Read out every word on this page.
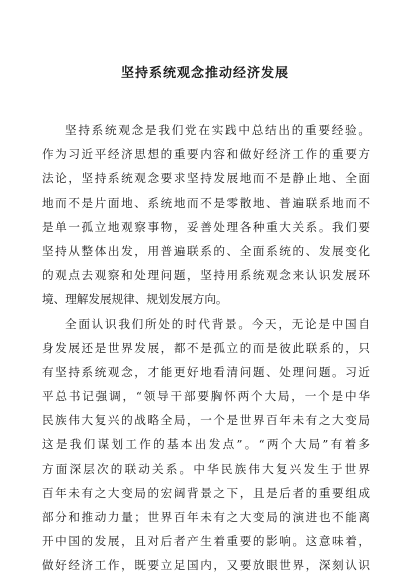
坚持系统观念推动经济发展
坚持系统观念是我们党在实践中总结出的重要经验。
作为习近平经济思想的重要内容和做好经济工作的重要方
法论，坚持系统观念要求坚持发展地而不是静止地、全面
地而不是片面地、系统地而不是零散地、普遍联系地而不
是单一孤立地观察事物，妥善处理各种重大关系。我们要
坚持从整体出发，用普遍联系的、全面系统的、发展变化
的观点去观察和处理问题，坚持用系统观念来认识发展环
境、理解发展规律、规划发展方向。
全面认识我们所处的时代背景。今天，无论是中国自
身发展还是世界发展，都不是孤立的而是彼此联系的，只
有坚持系统观念，才能更好地看清问题、处理问题。习近
平总书记强调，“领导干部要胸怀两个大局，一个是中华
民族伟大复兴的战略全局，一个是世界百年未有之大变局
这是我们谋划工作的基本出发点”。“两个大局”有着多
方面深层次的联动关系。中华民族伟大复兴发生于世界
百年未有之大变局的宏阔背景之下，且是后者的重要组成
部分和推动力量；世界百年未有之大变局的演进也不能离
开中国的发展，且对后者产生着重要的影响。这意味着，
做好经济工作，既要立足国内，又要放眼世界，深刻认识
